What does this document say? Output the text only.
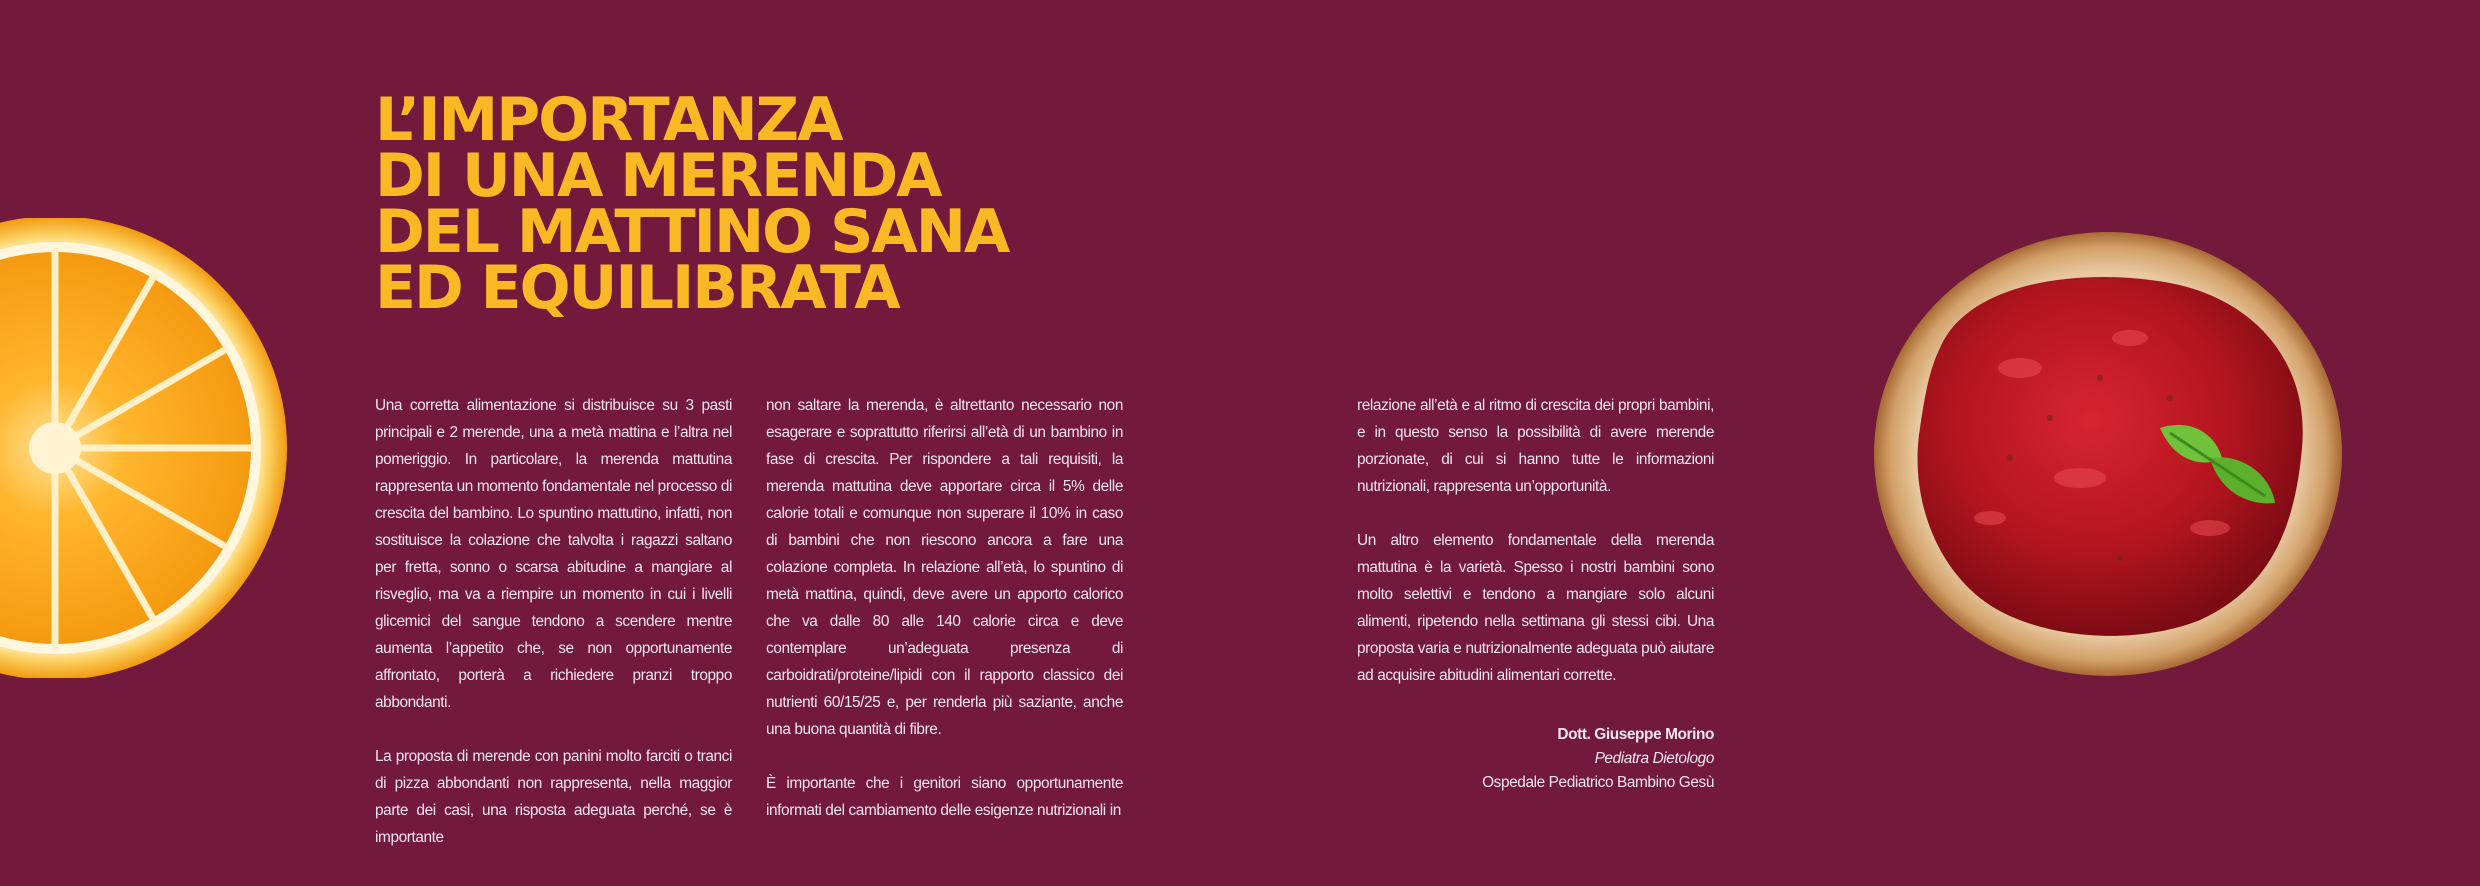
L’IMPORTANZA
DI UNA MERENDA
DEL MATTINO SANA
ED EQUILIBRATA

Una corretta alimentazione si distribuisce su 3 pasti principali e 2 merende, una a metà mattina e l’altra nel pomeriggio. In particolare, la merenda mattutina rappresenta un momento fondamentale nel processo di crescita del bambino. Lo spuntino mattutino, infatti, non sostituisce la colazione che talvolta i ragazzi saltano per fretta, sonno o scarsa abitudine a mangiare al risveglio, ma va a riempire un momento in cui i livelli glicemici del sangue tendono a scendere mentre aumenta l’appetito che, se non opportunamente affrontato, porterà a richiedere pranzi troppo abbondanti.

La proposta di merende con panini molto farciti o tranci di pizza abbondanti non rappresenta, nella maggior parte dei casi, una risposta adeguata perché, se è importante

non saltare la merenda, è altrettanto necessario non esagerare e soprattutto riferirsi all’età di un bambino in fase di crescita. Per rispondere a tali requisiti, la merenda mattutina deve apportare circa il 5% delle calorie totali e comunque non superare il 10% in caso di bambini che non riescono ancora a fare una colazione completa. In relazione all’età, lo spuntino di metà mattina, quindi, deve avere un apporto calorico che va dalle 80 alle 140 calorie circa e deve contemplare un’adeguata presenza di carboidrati/proteine/lipidi con il rapporto classico dei nutrienti 60/15/25 e, per renderla più saziante, anche una buona quantità di fibre.

È importante che i genitori siano opportunamente informati del cambiamento delle esigenze nutrizionali in

relazione all’età e al ritmo di crescita dei propri bambini, e in questo senso la possibilità di avere merende porzionate, di cui si hanno tutte le informazioni nutrizionali, rappresenta un’opportunità.

Un altro elemento fondamentale della merenda mattutina è la varietà. Spesso i nostri bambini sono molto selettivi e tendono a mangiare solo alcuni alimenti, ripetendo nella settimana gli stessi cibi. Una proposta varia e nutrizionalmente adeguata può aiutare ad acquisire abitudini alimentari corrette.

Dott. Giuseppe Morino
Pediatra Dietologo
Ospedale Pediatrico Bambino Gesù
